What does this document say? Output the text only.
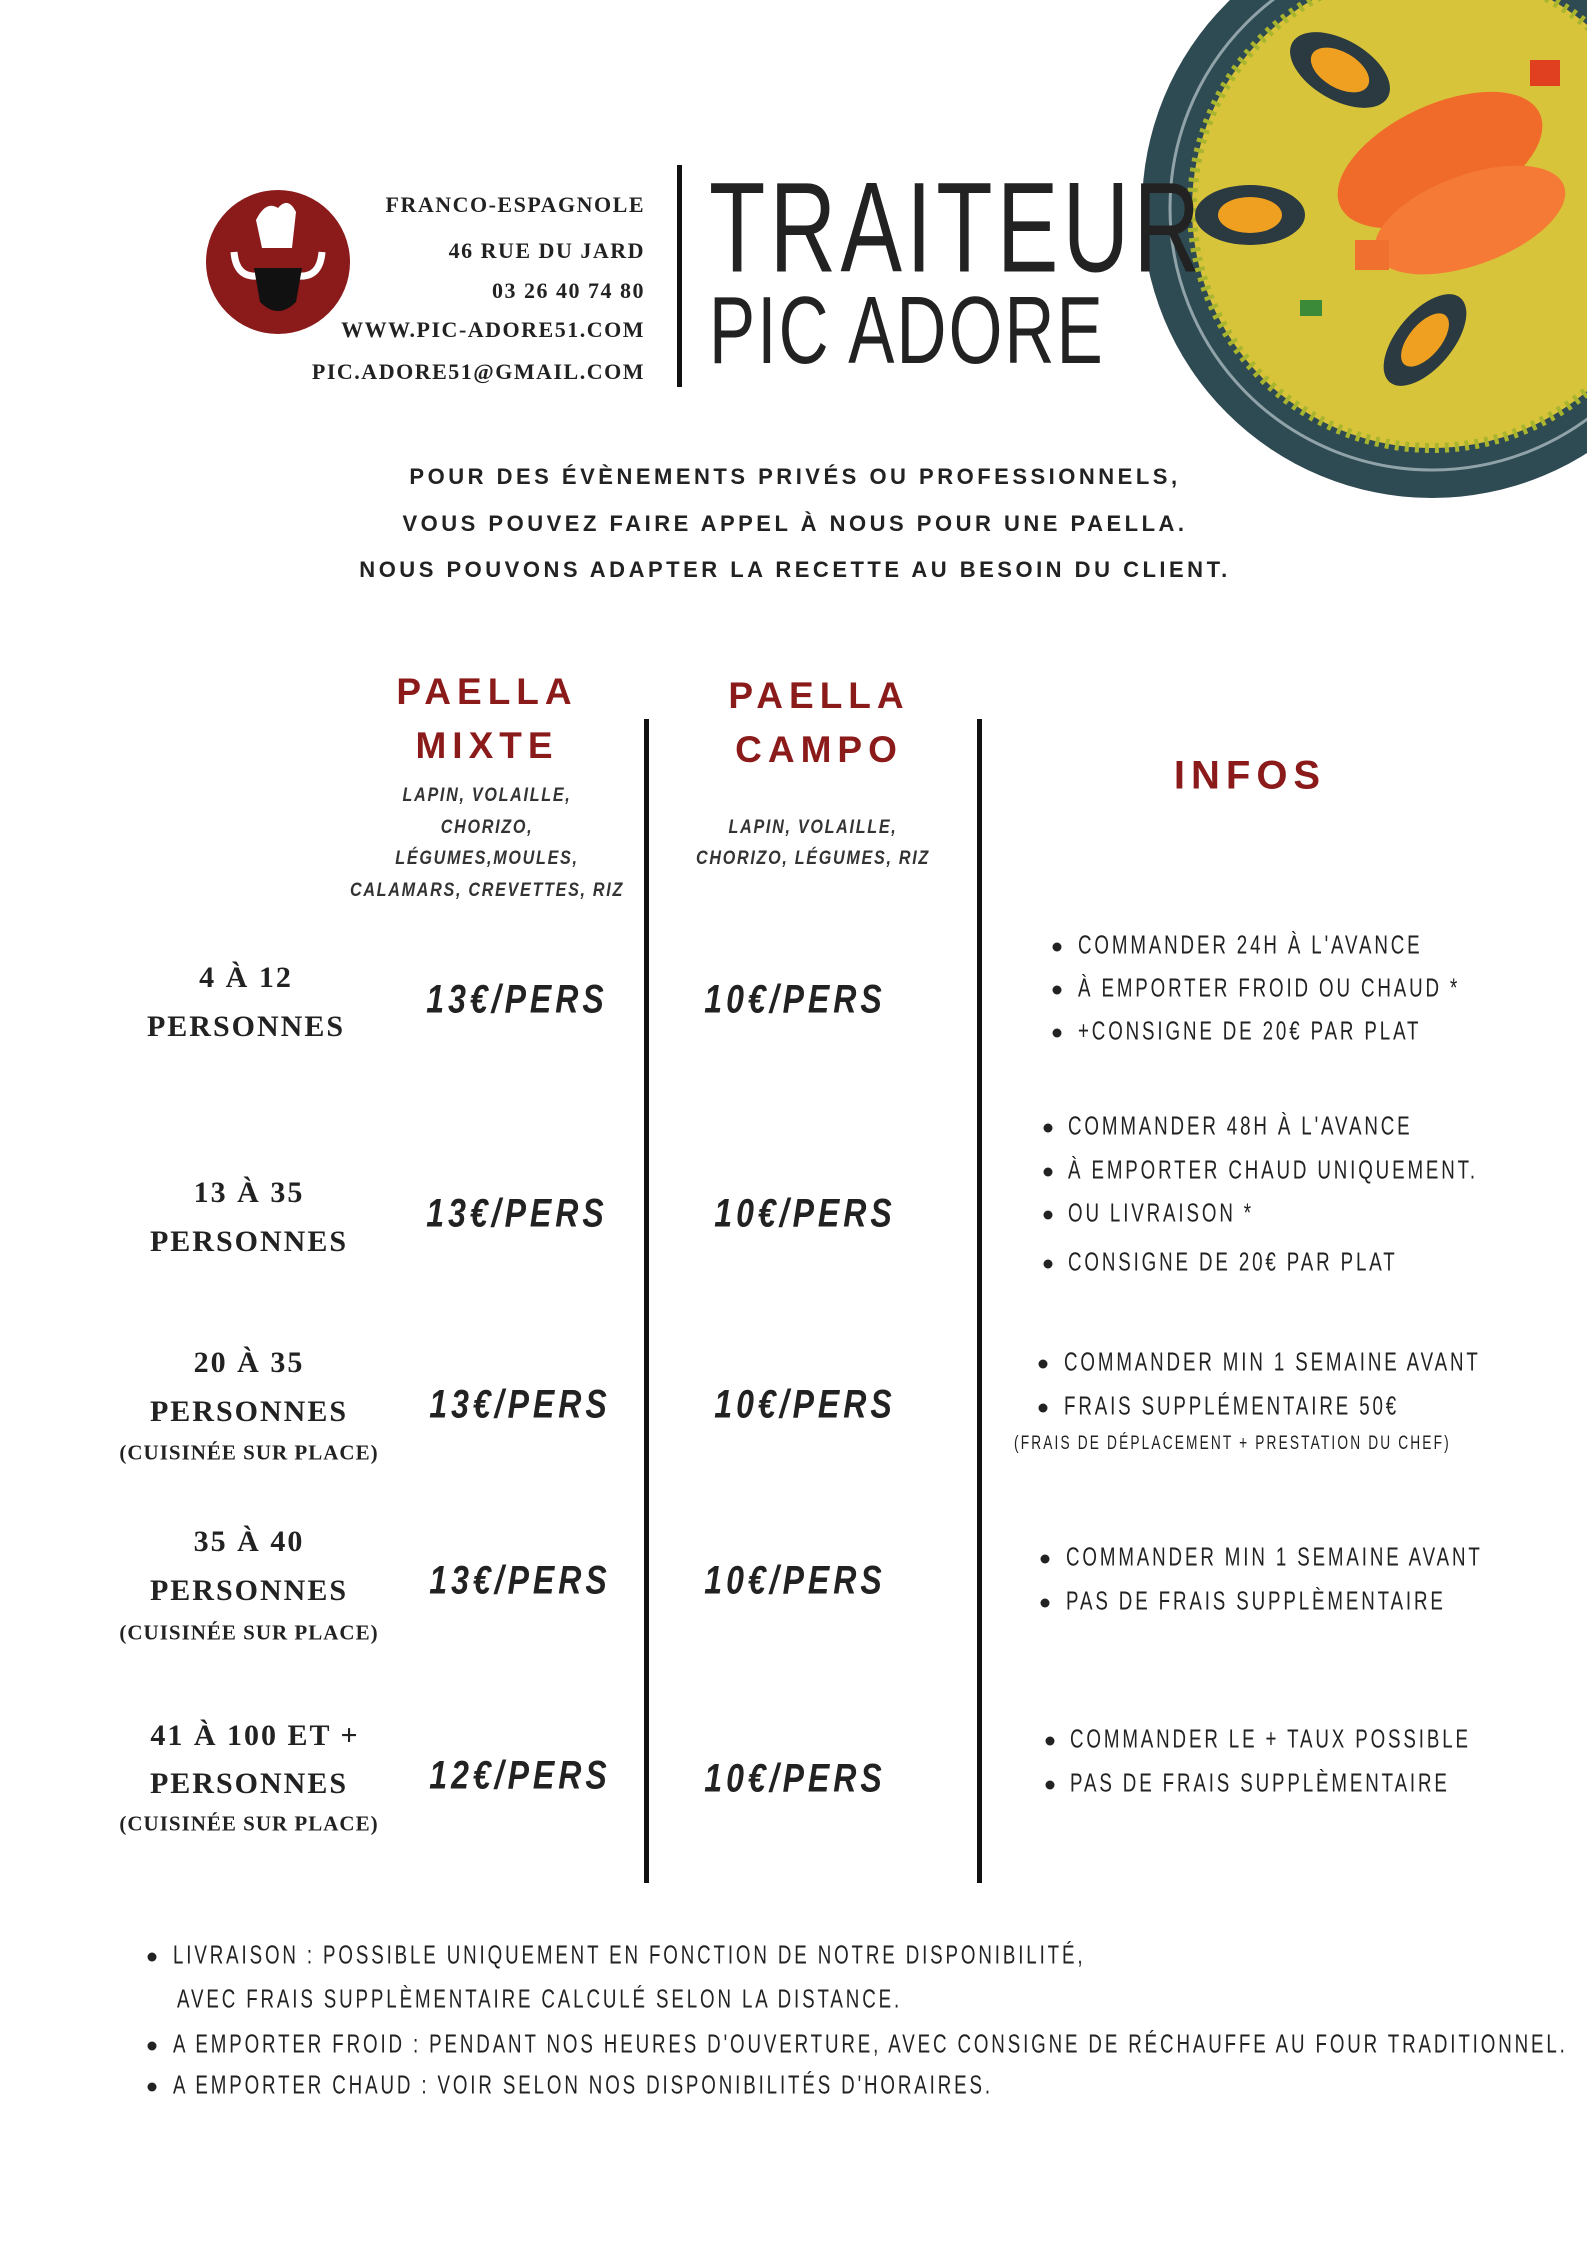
FRANCO-ESPAGNOLE
46 RUE DU JARD
03 26 40 74 80
WWW.PIC-ADORE51.COM
PIC.ADORE51@GMAIL.COM
TRAITEUR
PIC ADORE
POUR DES ÉVÈNEMENTS PRIVÉS OU PROFESSIONNELS,
VOUS POUVEZ FAIRE APPEL À NOUS POUR UNE PAELLA.
NOUS POUVONS ADAPTER LA RECETTE AU BESOIN DU CLIENT.
PAELLA
MIXTE
LAPIN, VOLAILLE,
CHORIZO,
LÉGUMES,MOULES,
CALAMARS, CREVETTES, RIZ
PAELLA
CAMPO
LAPIN, VOLAILLE,
CHORIZO, LÉGUMES, RIZ
INFOS
4 À 12
PERSONNES
13€/PERS 10€/PERS
COMMANDER 24H À L'AVANCE
À EMPORTER FROID OU CHAUD *
+CONSIGNE DE 20€ PAR PLAT
13 À 35
PERSONNES
13€/PERS	10€/PERS
COMMANDER 48H À L'AVANCE
À EMPORTER CHAUD UNIQUEMENT.
OU LIVRAISON *
CONSIGNE DE 20€ PAR PLAT
20 À 35
PERSONNES
(CUISINÉE SUR PLACE)
13€/PERS	10€/PERS
COMMANDER MIN 1 SEMAINE AVANT
FRAIS SUPPLÉMENTAIRE 50€
(FRAIS DE DÉPLACEMENT + PRESTATION DU CHEF)
35 À 40
PERSONNES
(CUISINÉE SUR PLACE)
13€/PERS 10€/PERS
COMMANDER MIN 1 SEMAINE AVANT
PAS DE FRAIS SUPPLÈMENTAIRE
41 À 100 ET +
PERSONNES
(CUISINÉE SUR PLACE)
12€/PERS 10€/PERS
COMMANDER LE + TAUX POSSIBLE
PAS DE FRAIS SUPPLÈMENTAIRE
LIVRAISON : POSSIBLE UNIQUEMENT EN FONCTION DE NOTRE DISPONIBILITÉ,
AVEC FRAIS SUPPLÈMENTAIRE CALCULÉ SELON LA DISTANCE.
A EMPORTER FROID : PENDANT NOS HEURES D'OUVERTURE, AVEC CONSIGNE DE RÉCHAUFFE AU FOUR TRADITIONNEL.
A EMPORTER CHAUD : VOIR SELON NOS DISPONIBILITÉS D'HORAIRES.
